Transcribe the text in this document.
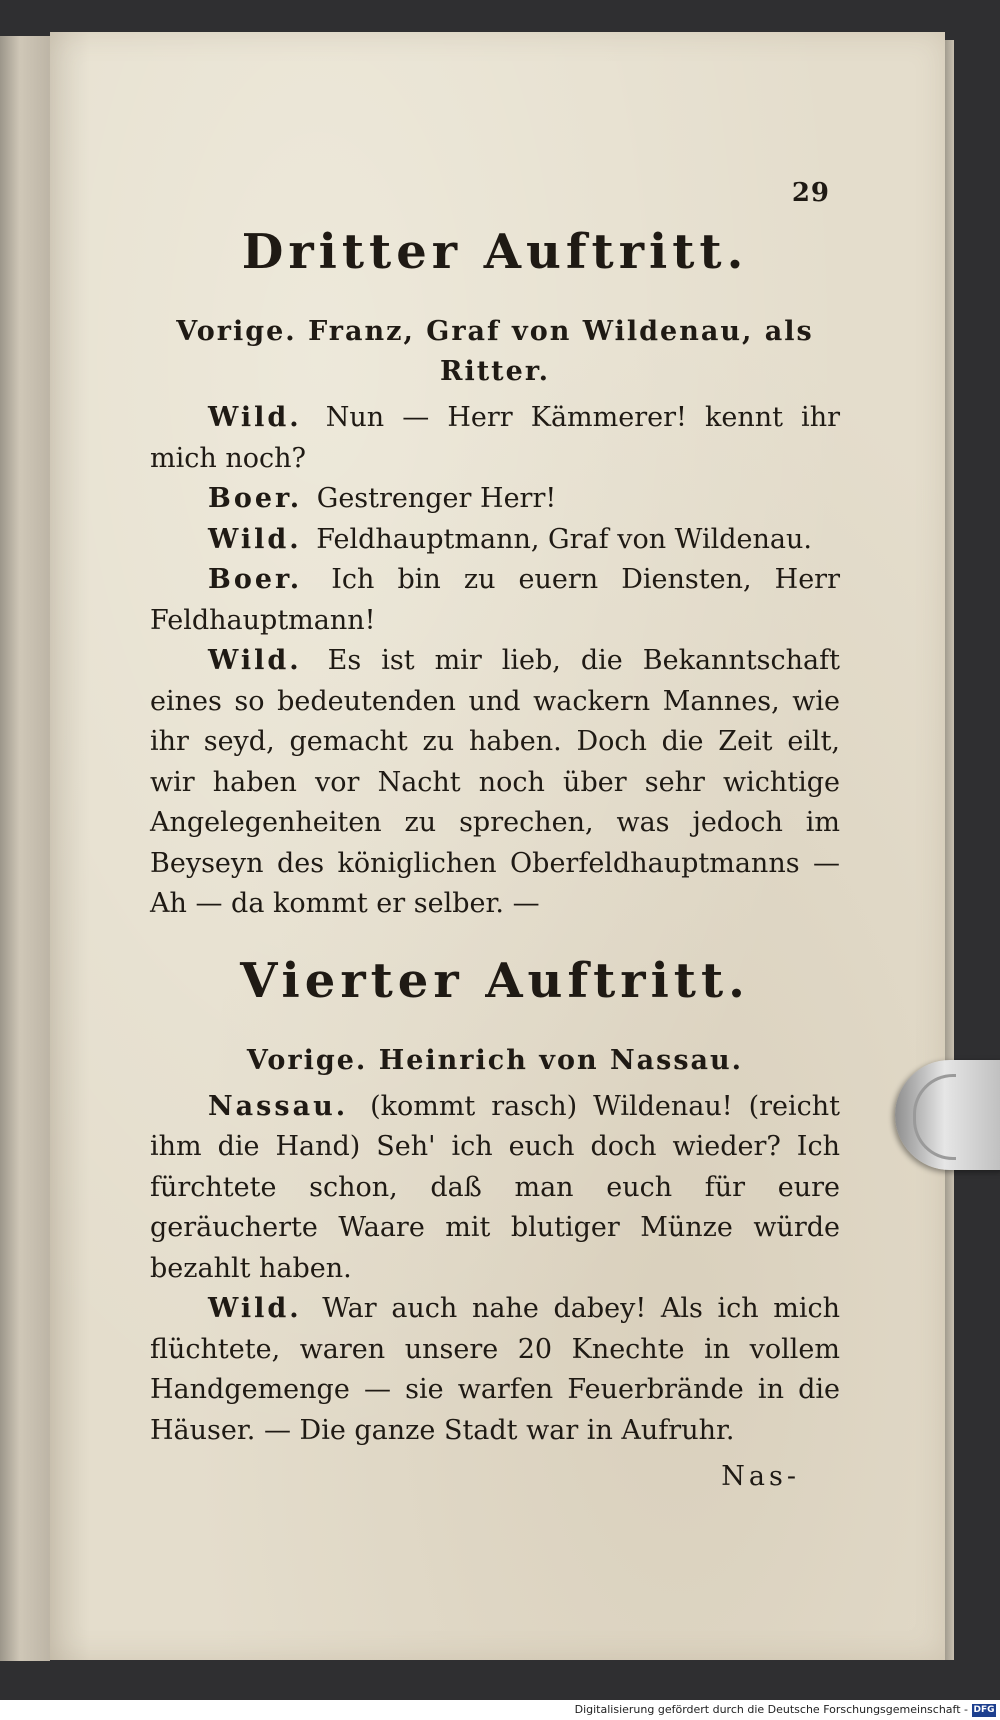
29
Dritter Auftritt.
Vorige. Franz, Graf von Wildenau, als Ritter.

Wild. Nun — Herr Kämmerer! kennt ihr mich noch?

Boer. Gestrenger Herr!

Wild. Feldhauptmann, Graf von Wildenau.

Boer. Ich bin zu euern Diensten, Herr Feldhauptmann!

Wild. Es ist mir lieb, die Bekanntschaft eines so bedeutenden und wackern Mannes, wie ihr seyd, gemacht zu haben. Doch die Zeit eilt, wir haben vor Nacht noch über sehr wichtige Angelegenheiten zu sprechen, was jedoch im Beyseyn des königlichen Oberfeldhauptmanns — Ah — da kommt er selber. —

Vierter Auftritt.
Vorige. Heinrich von Nassau.

Nassau. (kommt rasch) Wildenau! (reicht ihm die Hand) Seh' ich euch doch wieder? Ich fürchtete schon, daß man euch für eure geräucherte Waare mit blutiger Münze würde bezahlt haben.

Wild. War auch nahe dabey! Als ich mich flüchtete, waren unsere 20 Knechte in vollem Handgemenge — sie warfen Feuerbrände in die Häuser. — Die ganze Stadt war in Aufruhr.

Nas-
Digitalisierung gefördert durch die Deutsche Forschungsgemeinschaft - DFG
